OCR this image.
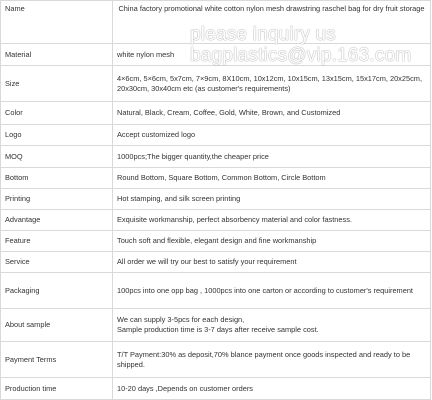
Name	China factory promotional white cotton nylon mesh drawstring raschel bag for dry fruit storage
Material	white nylon mesh
Size	4×6cm, 5×6cm, 5x7cm, 7×9cm, 8X10cm, 10x12cm, 10x15cm, 13x15cm, 15x17cm, 20x25cm, 20x30cm, 30x40cm etc (as customer's requirements)
Color	Natural, Black, Cream, Coffee, Gold, White, Brown, and Customized
Logo	Accept customized logo
MOQ	1000pcs;The bigger quantity,the cheaper price
Bottom	Round Bottom, Square Bottom, Common Bottom, Circle Bottom
Printing	Hot stamping, and silk screen printing
Advantage	Exquisite workmanship, perfect absorbency material and color fastness.
Feature	Touch soft and flexible, elegant design and fine workmanship
Service	All order we will try our best to satisfy your requirement
Packaging	100pcs into one opp bag , 1000pcs into one carton or according to customer's requirement
About sample	We can supply 3-5pcs for each design,
Sample production time is 3-7 days after receive sample cost.
Payment Terms	T/T Payment:30% as deposit,70% blance payment once goods inspected and ready to be shipped.
Production time	10-20 days ,Depends on customer orders
please inquiry us
bagplastics@vip.163.com
